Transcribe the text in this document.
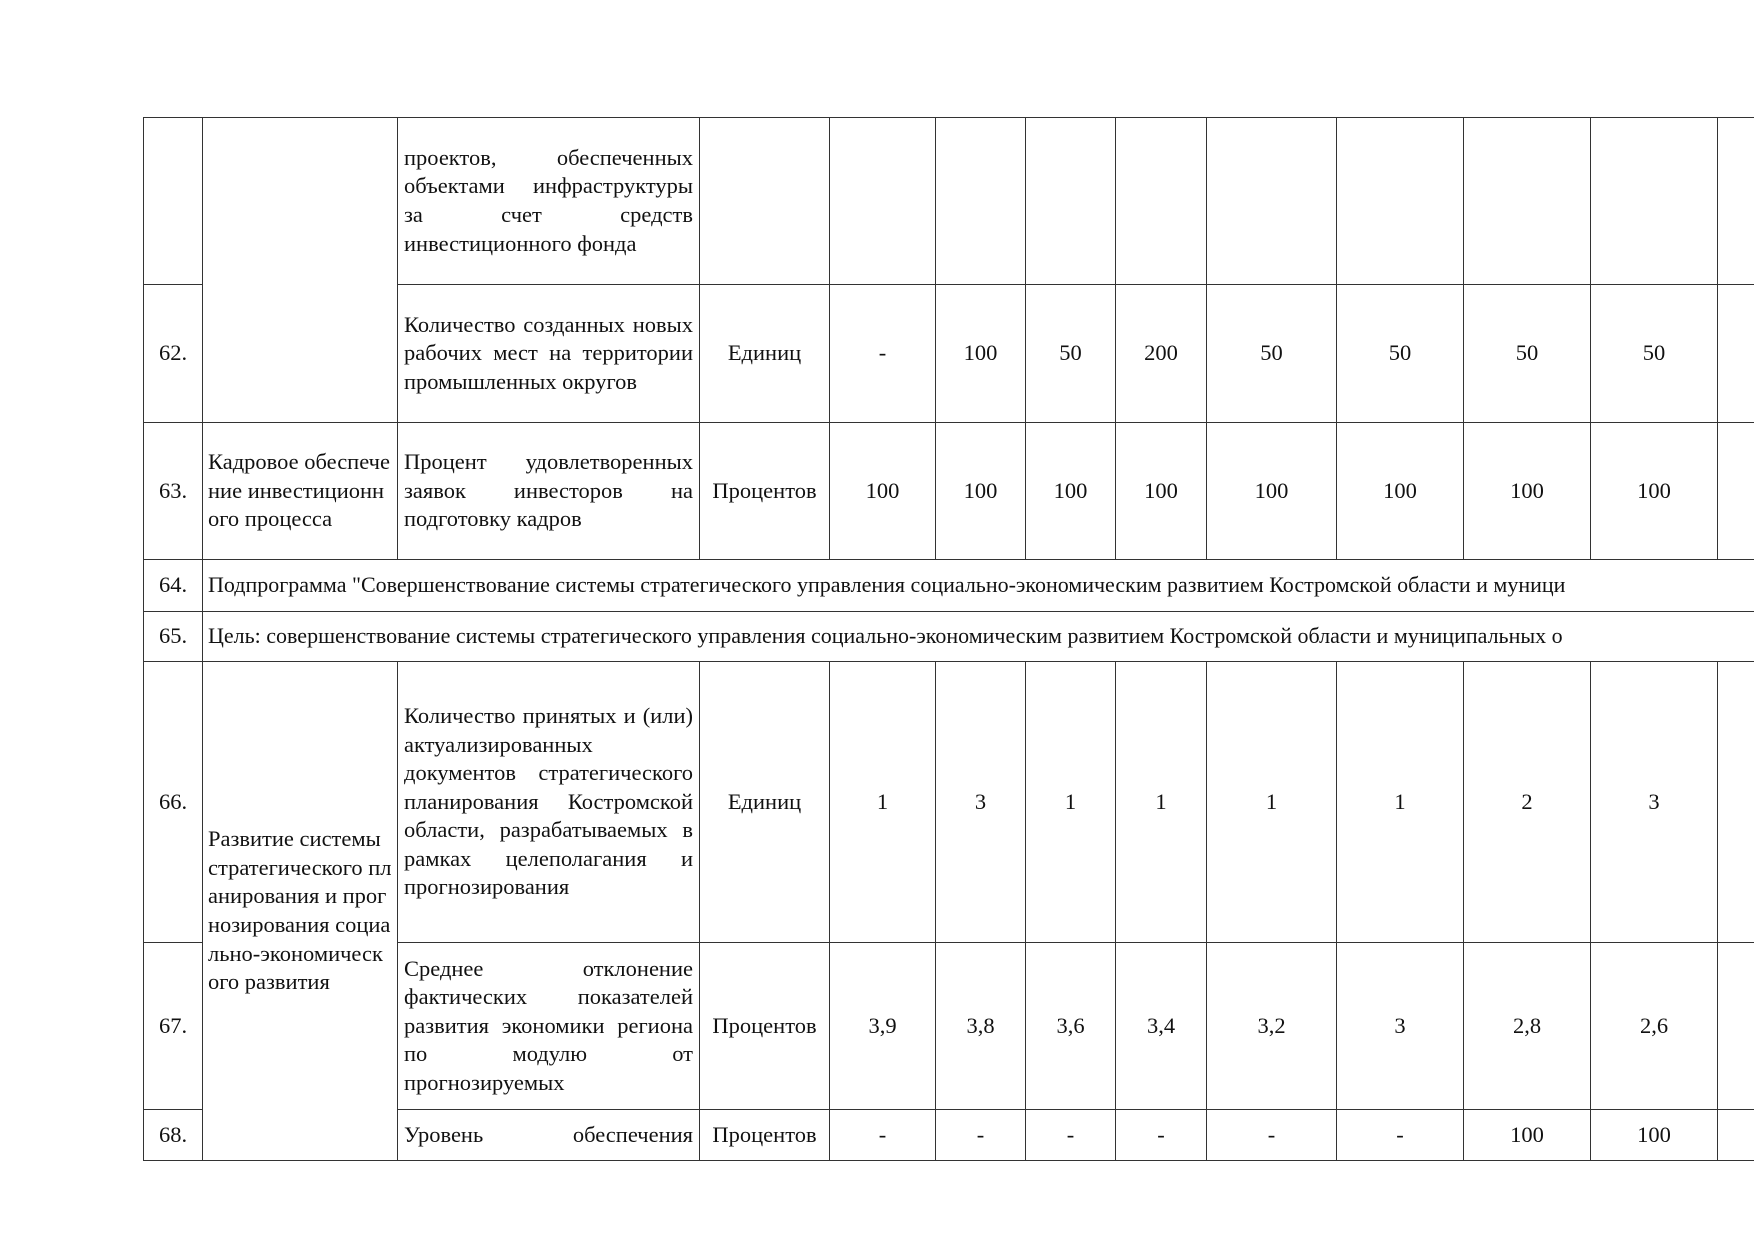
		проектов, обеспеченных объектами инфраструктуры за счет средств инвестиционного фонда										
62.		Количество созданных новых рабочих мест на территории промышленных округов	Единиц	-	100	50	200	50	50	50	50	
63.	Кадровое обеспечение инвестиционного процесса	Процент удовлетворенных заявок инвесторов на подготовку кадров	Процентов	100	100	100	100	100	100	100	100	
64.	Подпрограмма "Совершенствование системы стратегического управления социально-экономическим развитием Костромской области и муници											
65.	Цель: совершенствование системы стратегического управления социально-экономическим развитием Костромской области и муниципальных о											
66.	Развитие системы стратегического планирования и прогнозирования социально-экономического развития	Количество принятых и (или) актуализированных документов стратегического планирования Костромской области, разрабатываемых в рамках целеполагания и прогнозирования	Единиц	1	3	1	1	1	1	2	3	
67.		Среднее отклонение фактических показателей развития экономики региона по модулю от прогнозируемых	Процентов	3,9	3,8	3,6	3,4	3,2	3	2,8	2,6	
68.		Уровень обеспечения	Процентов	-	-	-	-	-	-	100	100	
